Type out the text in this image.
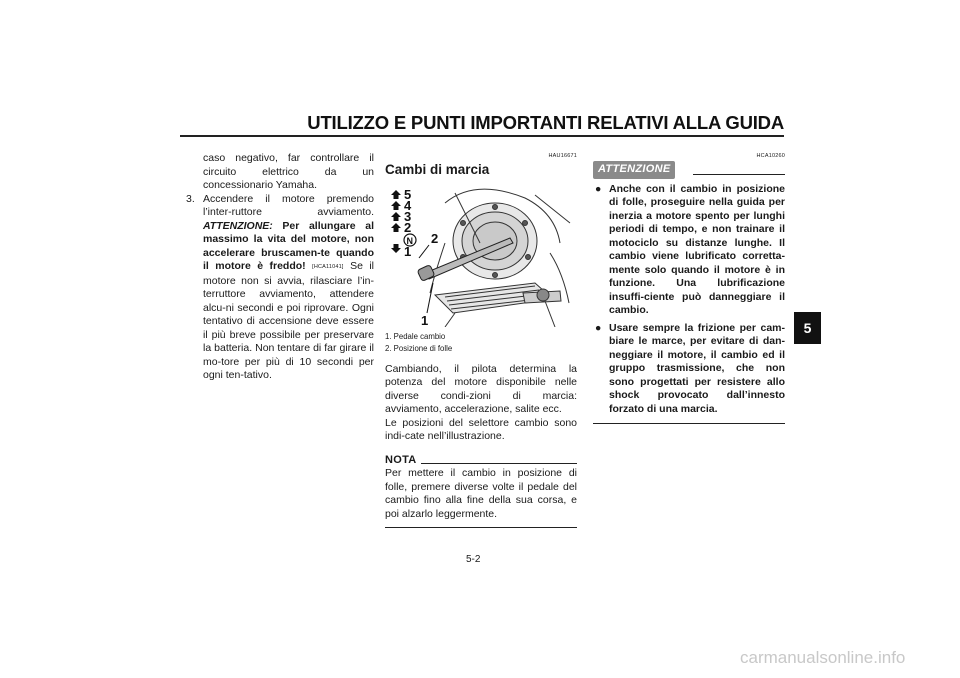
UTILIZZO E PUNTI IMPORTANTI RELATIVI ALLA GUIDA
5

caso negativo, far controllare il circuito elettrico da un concessionario Yamaha.

3. Accendere il motore premendo l’inter-ruttore avviamento. ATTENZIONE: Per allungare al massimo la vita del motore, non accelerare bruscamen-te quando il motore è freddo! [HCA11041] Se il motore non si avvia, rilasciare l’in-terruttore avviamento, attendere alcu-ni secondi e poi riprovare. Ogni tentativo di accensione deve essere il più breve possibile per preservare la batteria. Non tentare di far girare il mo-tore per più di 10 secondi per ogni ten-tativo.
HAU16671
Cambi di marcia
5
4
3
2
N
1
2
1
1. Pedale cambio
2. Posizione di folle

Cambiando, il pilota determina la potenza del motore disponibile nelle diverse condi-zioni di marcia: avviamento, accelerazione, salite ecc.

Le posizioni del selettore cambio sono indi-cate nell’illustrazione.

NOTA

Per mettere il cambio in posizione di folle, premere diverse volte il pedale del cambio fino alla fine della sua corsa, e poi alzarlo leggermente.

HCA10260
ATTENZIONE
● Anche con il cambio in posizione di folle, proseguire nella guida per inerzia a motore spento per lunghi periodi di tempo, e non trainare il motociclo su distanze lunghe. Il cambio viene lubrificato corretta-mente solo quando il motore è in funzione. Una lubrificazione insuffi-ciente può danneggiare il cambio.
● Usare sempre la frizione per cam-biare le marce, per evitare di dan-neggiare il motore, il cambio ed il gruppo trasmissione, che non sono progettati per resistere allo shock provocato dall’innesto forzato di una marcia.
5-2
carmanualsonline.info
